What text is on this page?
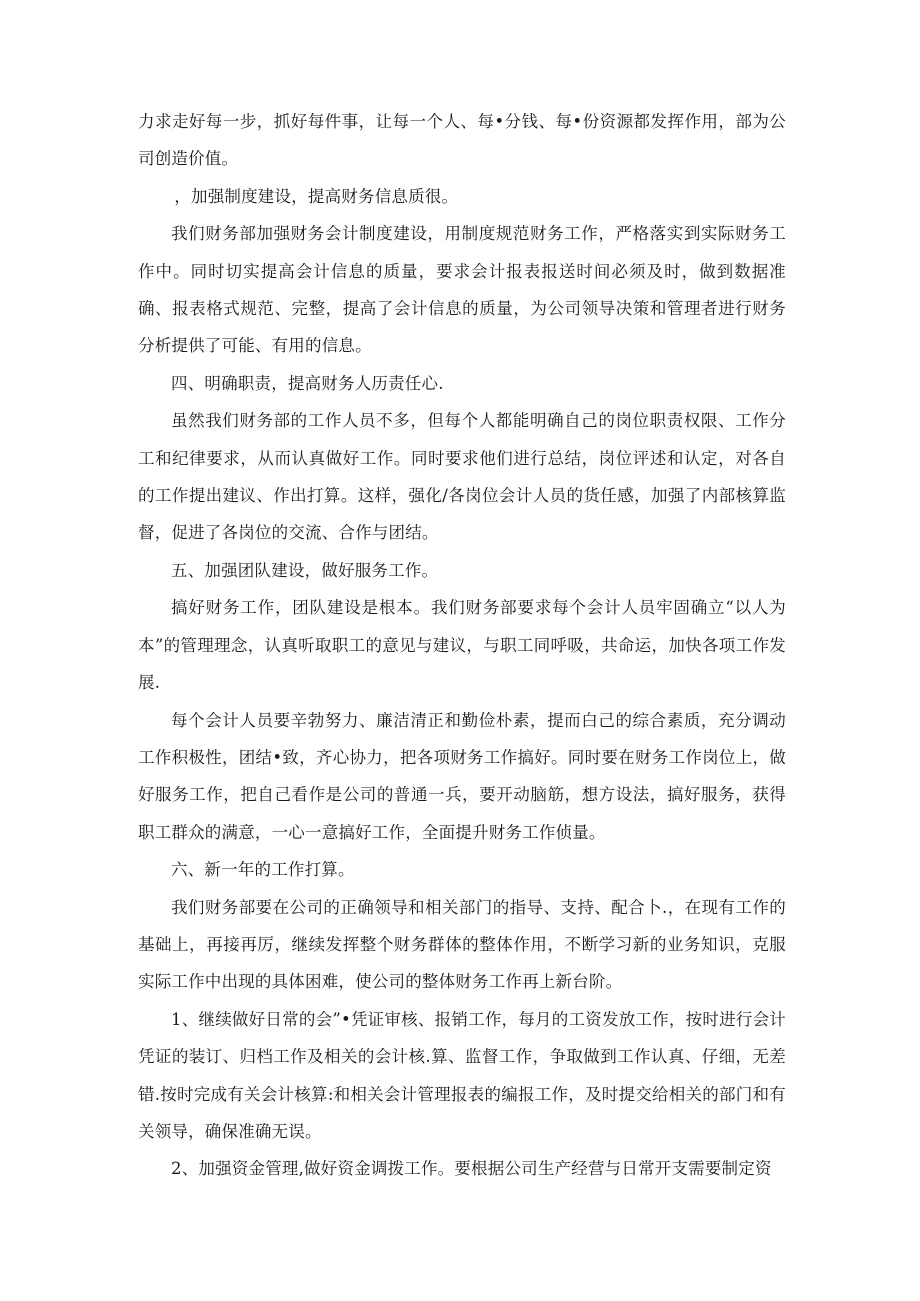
力求走好每一步，抓好每件事，让每一个人、每•分钱、每•份资源都发挥作用，部为公司创造价值。

，加强制度建设，提高财务信息质很。

我们财务部加强财务会计制度建设，用制度规范财务工作，严格落实到实际财务工作中。同时切实提高会计信息的质量，要求会计报表报送时间必须及时，做到数据准确、报表格式规范、完整，提高了会计信息的质量，为公司领导决策和管理者进行财务分析提供了可能、有用的信息。

四、明确职责，提高财务人历责任心.

虽然我们财务部的工作人员不多，但每个人都能明确自己的岗位职责权限、工作分工和纪律要求，从而认真做好工作。同时要求他们进行总结，岗位评述和认定，对各自的工作提出建议、作出打算。这样，强化/各岗位会计人员的货任感，加强了内部核算监督，促进了各岗位的交流、合作与团结。

五、加强团队建设，做好服务工作。

搞好财务工作，团队建设是根本。我们财务部要求每个会计人员牢固确立“以人为本”的管理理念，认真听取职工的意见与建议，与职工同呼吸，共命运，加快各项工作发展.

每个会计人员要辛勃努力、廉洁清正和勤俭朴素，提而白己的综合素质，充分调动工作积极性，团结•致，齐心协力，把各项财务工作搞好。同时要在财务工作岗位上，做好服务工作，把自己看作是公司的普通一兵，要开动脑筋，想方设法，搞好服务，获得职工群众的满意，一心一意搞好工作，全面提升财务工作侦量。

六、新一年的工作打算。

我们财务部要在公司的正确领导和相关部门的指导、支持、配合卜.，在现有工作的基础上，再接再厉，继续发挥整个财务群体的整体作用，不断学习新的业务知识，克服实际工作中出现的具体困难，使公司的整体财务工作再上新台阶。

1、继续做好日常的会”•凭证审核、报销工作，每月的工资发放工作，按时进行会计凭证的装订、归档工作及相关的会计核.算、监督工作，争取做到工作认真、仔细，无差错.按时完成有关会计核算:和相关会计管理报表的编报工作，及时提交给相关的部门和有关领导，确保准确无误。

2、加强资金管理,做好资金调拨工作。要根据公司生产经营与日常开支需要制定资
